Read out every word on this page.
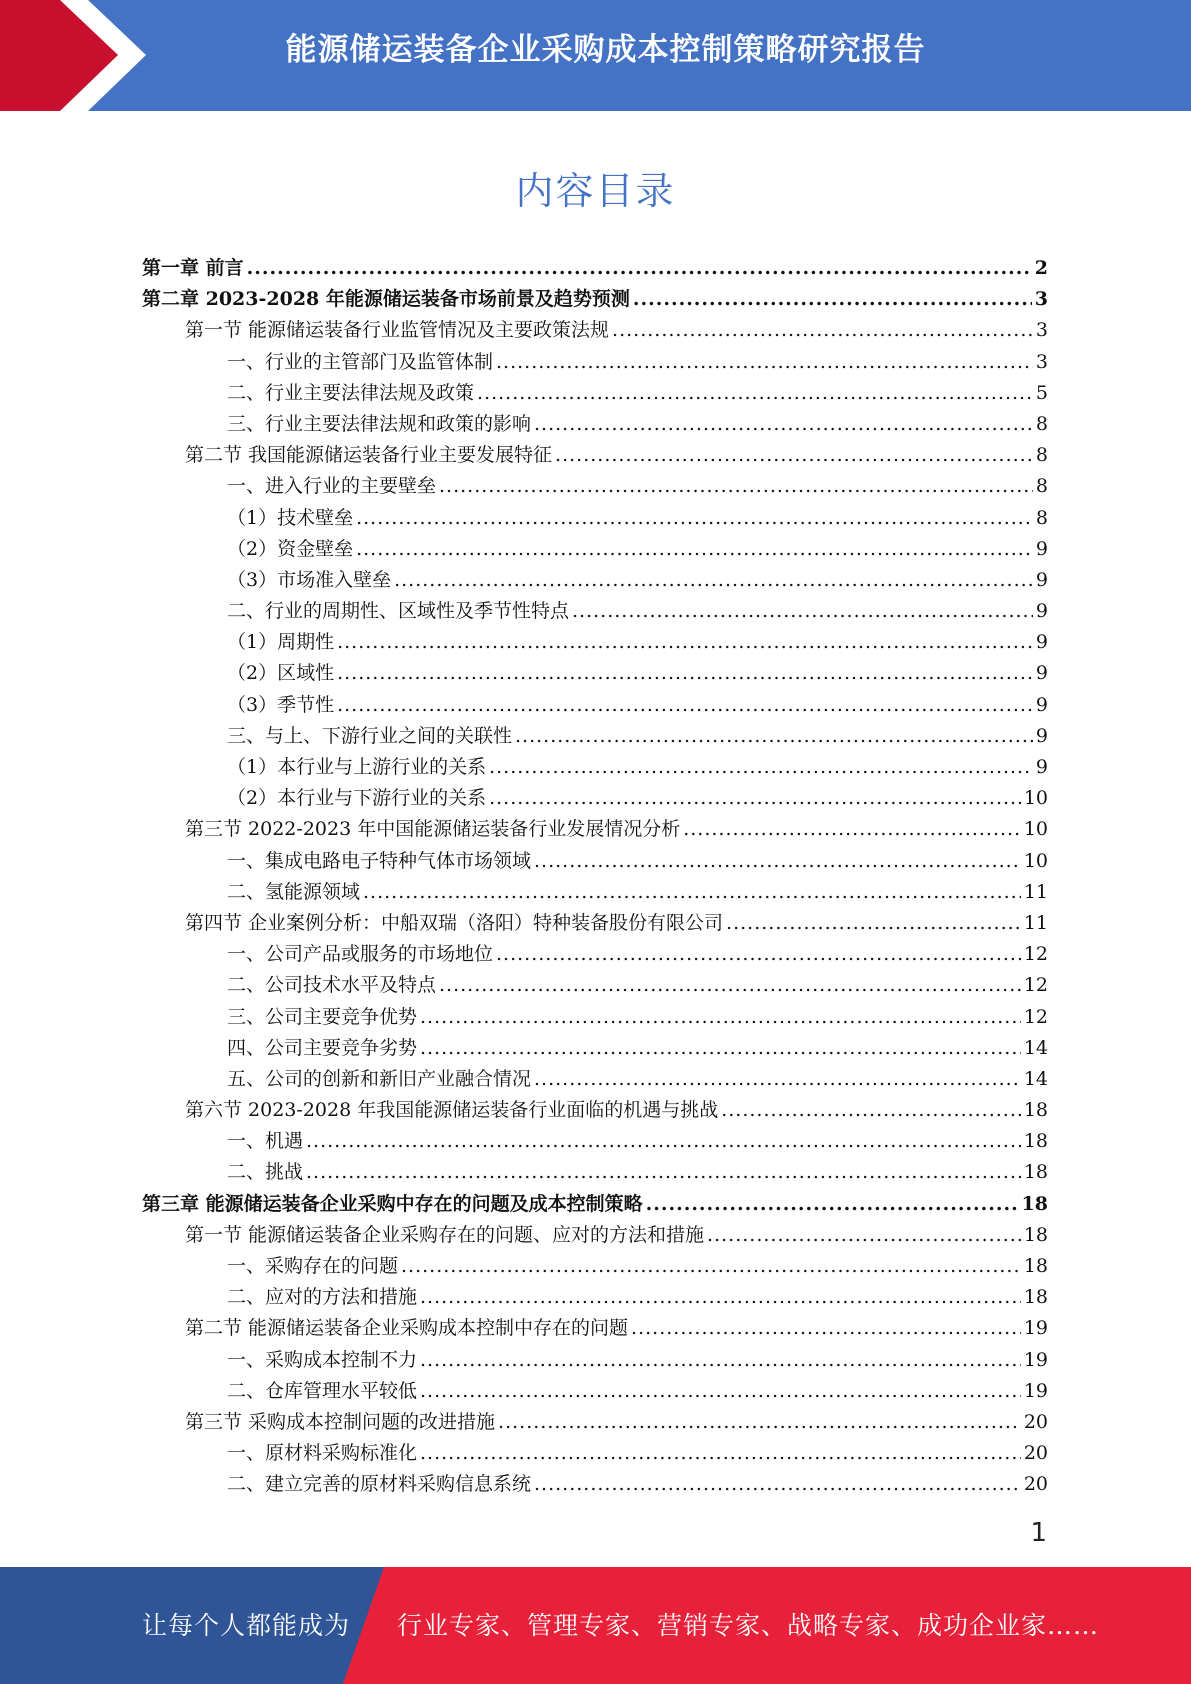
能源储运装备企业采购成本控制策略研究报告
内容目录
第一章 前言 .....	2
第二章 2023-2028 年能源储运装备市场前景及趋势预测 .....	3
第一节 能源储运装备行业监管情况及主要政策法规 .....	3
一、行业的主管部门及监管体制 .....	3
二、行业主要法律法规及政策 .....	5
三、行业主要法律法规和政策的影响 .....	8
第二节 我国能源储运装备行业主要发展特征 .....	8
一、进入行业的主要壁垒 .....	8
（1）技术壁垒 .....	8
（2）资金壁垒 .....	9
（3）市场准入壁垒 .....	9
二、行业的周期性、区域性及季节性特点 .....	9
（1）周期性 .....	9
（2）区域性 .....	9
（3）季节性 .....	9
三、与上、下游行业之间的关联性 .....	9
（1）本行业与上游行业的关系 .....	9
（2）本行业与下游行业的关系 .....	10
第三节 2022-2023 年中国能源储运装备行业发展情况分析 .....	10
一、集成电路电子特种气体市场领域 .....	10
二、氢能源领域 .....	11
第四节 企业案例分析：中船双瑞（洛阳）特种装备股份有限公司 .....	11
一、公司产品或服务的市场地位 .....	12
二、公司技术水平及特点 .....	12
三、公司主要竞争优势 .....	12
四、公司主要竞争劣势 .....	14
五、公司的创新和新旧产业融合情况 .....	14
第六节 2023-2028 年我国能源储运装备行业面临的机遇与挑战 .....	18
一、机遇 .....	18
二、挑战 .....	18
第三章 能源储运装备企业采购中存在的问题及成本控制策略 .....	18
第一节 能源储运装备企业采购存在的问题、应对的方法和措施 .....	18
一、采购存在的问题 .....	18
二、应对的方法和措施 .....	18
第二节 能源储运装备企业采购成本控制中存在的问题 .....	19
一、采购成本控制不力 .....	19
二、仓库管理水平较低 .....	19
第三节 采购成本控制问题的改进措施 .....	20
一、原材料采购标准化 .....	20
二、建立完善的原材料采购信息系统 .....	20
1
让每个人都能成为 行业专家、管理专家、营销专家、战略专家、成功企业家……
